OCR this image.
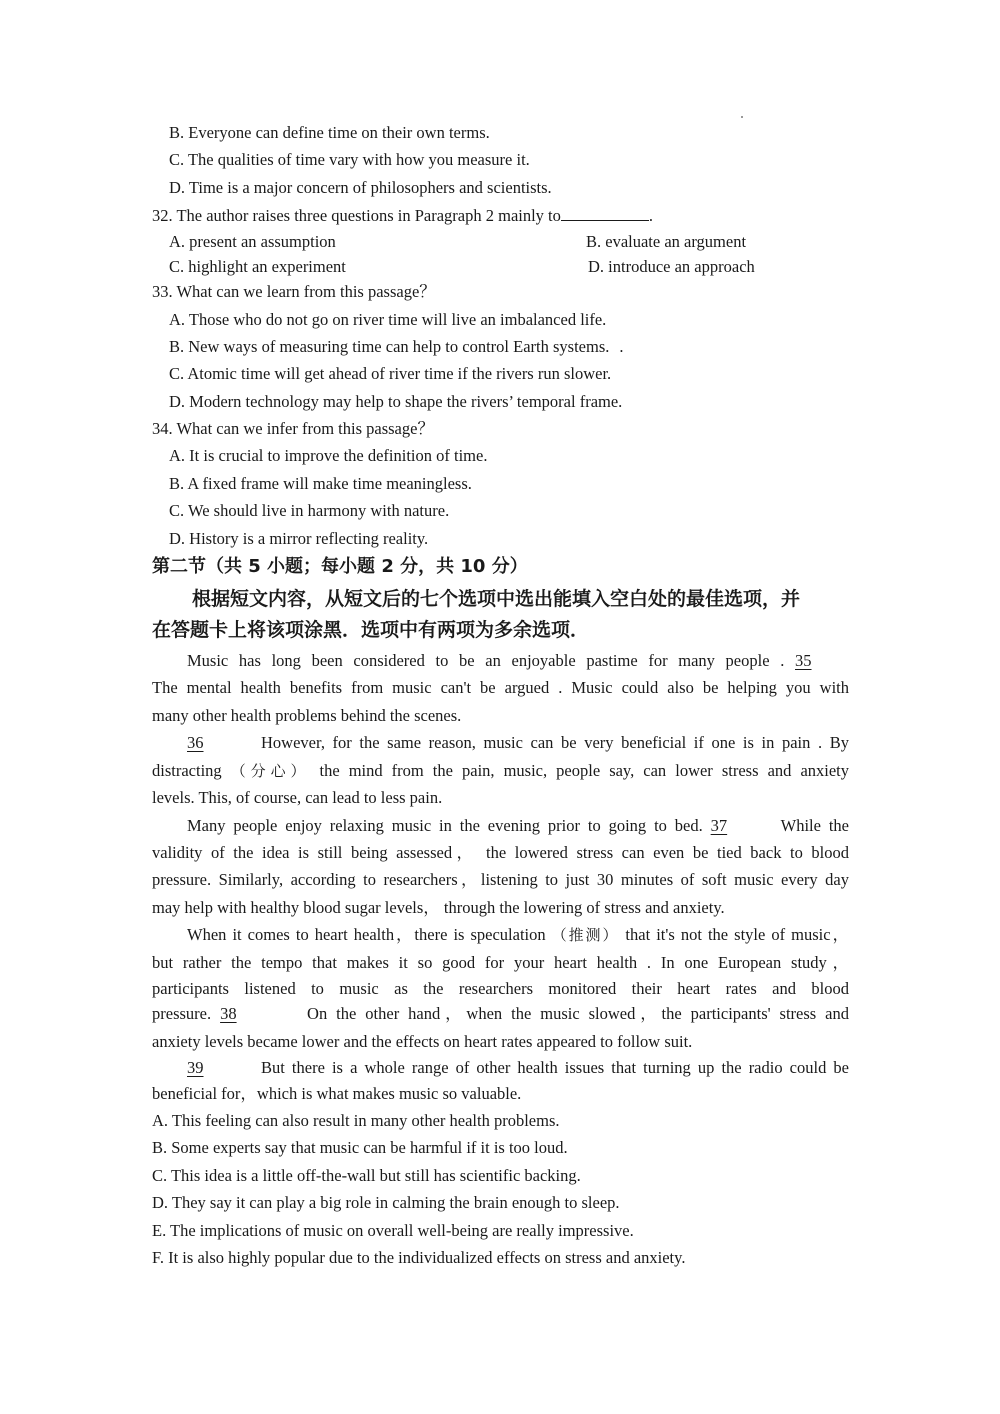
B. Everyone can define time on their own terms.
C. The qualities of time vary with how you measure it.
D. Time is a major concern of philosophers and scientists.
32. The author raises three questions in Paragraph 2 mainly to	.
A. present an assumption	B. evaluate an argument
C. highlight an experiment	D. introduce an approach
33. What can we learn from this passage？
A. Those who do not go on river time will live an imbalanced life.
B. New ways of measuring time can help to control Earth systems. .
C. Atomic time will get ahead of river time if the rivers run slower.
D. Modern technology may help to shape the rivers’ temporal frame.
34. What can we infer from this passage？
A. It is crucial to improve the definition of time.
B. A fixed frame will make time meaningless.
C. We should live in harmony with nature.
D. History is a mirror reflecting reality.
第二节（共 5 小题；每小题 2 分，共 10 分）
根据短文内容，从短文后的七个选项中选出能填入空白处的最佳选项，并
在答题卡上将该项涂黑．选项中有两项为多余选项．
Music has long been considered to be an enjoyable pastime for many people . 35
The mental health benefits from music can't be argued . Music could also be helping you with
many other health problems behind the scenes.
36	However, for the same reason, music can be very beneficial if one is in pain . By
distracting （分心） the mind from the pain, music, people say, can lower stress and anxiety
levels. This, of course, can lead to less pain.
Many people enjoy relaxing music in the evening prior to going to bed. 37	While the
validity of the idea is still being assessed， the lowered stress can even be tied back to blood
pressure. Similarly, according to researchers，listening to just 30 minutes of soft music every day
may help with healthy blood sugar levels， through the lowering of stress and anxiety.
When it comes to heart health，there is speculation （推测） that it's not the style of music，
but rather the tempo that makes it so good for your heart health . In one European study，
participants listened to music as the researchers monitored their heart rates and blood
pressure. 38	On the other hand，when the music slowed，the participants' stress and
anxiety levels became lower and the effects on heart rates appeared to follow suit.
39	But there is a whole range of other health issues that turning up the radio could be
beneficial for，which is what makes music so valuable.
A. This feeling can also result in many other health problems.
B. Some experts say that music can be harmful if it is too loud.
C. This idea is a little off-the-wall but still has scientific backing.
D. They say it can play a big role in calming the brain enough to sleep.
E. The implications of music on overall well-being are really impressive.
F. It is also highly popular due to the individualized effects on stress and anxiety.
